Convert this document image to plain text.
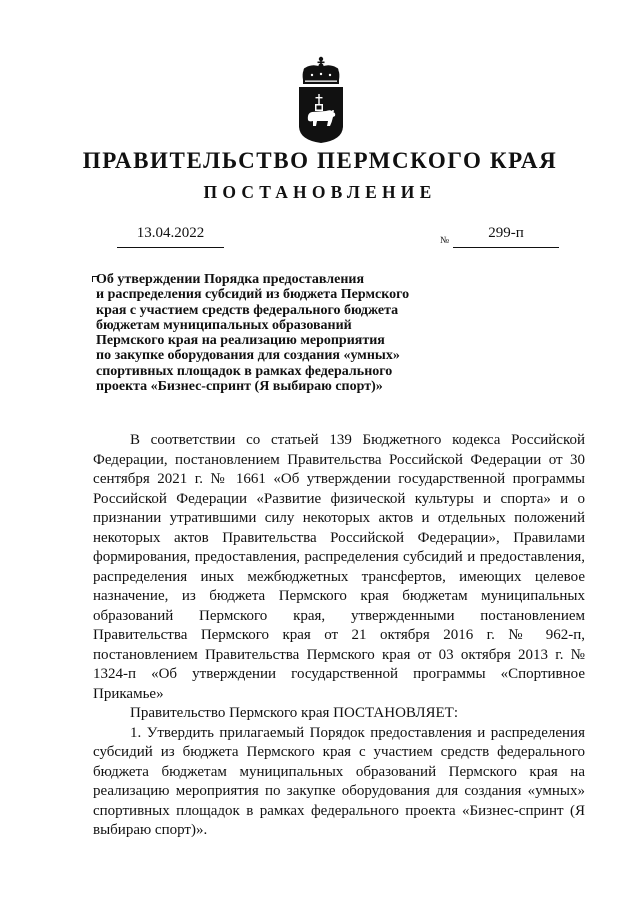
ПРАВИТЕЛЬСТВО ПЕРМСКОГО КРАЯ
ПОСТАНОВЛЕНИЕ
13.04.2022	№	299-п
Об утверждении Порядка предоставления
и распределения субсидий из бюджета Пермского
края с участием средств федерального бюджета
бюджетам муниципальных образований
Пермского края на реализацию мероприятия
по закупке оборудования для создания «умных»
спортивных площадок в рамках федерального
проекта «Бизнес-спринт (Я выбираю спорт)»

В соответствии со статьей 139 Бюджетного кодекса Российской Федерации, постановлением Правительства Российской Федерации от 30 сентября 2021 г. № 1661 «Об утверждении государственной программы Российской Федерации «Развитие физической культуры и спорта» и о признании утратившими силу некоторых актов и отдельных положений некоторых актов Правительства Российской Федерации», Правилами формирования, предоставления, распределения субсидий и предоставления, распределения иных межбюджетных трансфертов, имеющих целевое назначение, из бюджета Пермского края бюджетам муниципальных образований Пермского края, утвержденными постановлением Правительства Пермского края от 21 октября 2016 г. № 962-п, постановлением Правительства Пермского края от 03 октября 2013 г. № 1324-п «Об утверждении государственной программы «Спортивное Прикамье»

Правительство Пермского края ПОСТАНОВЛЯЕТ:

1. Утвердить прилагаемый Порядок предоставления и распределения субсидий из бюджета Пермского края с участием средств федерального бюджета бюджетам муниципальных образований Пермского края на реализацию мероприятия по закупке оборудования для создания «умных» спортивных площадок в рамках федерального проекта «Бизнес-спринт (Я выбираю спорт)».
